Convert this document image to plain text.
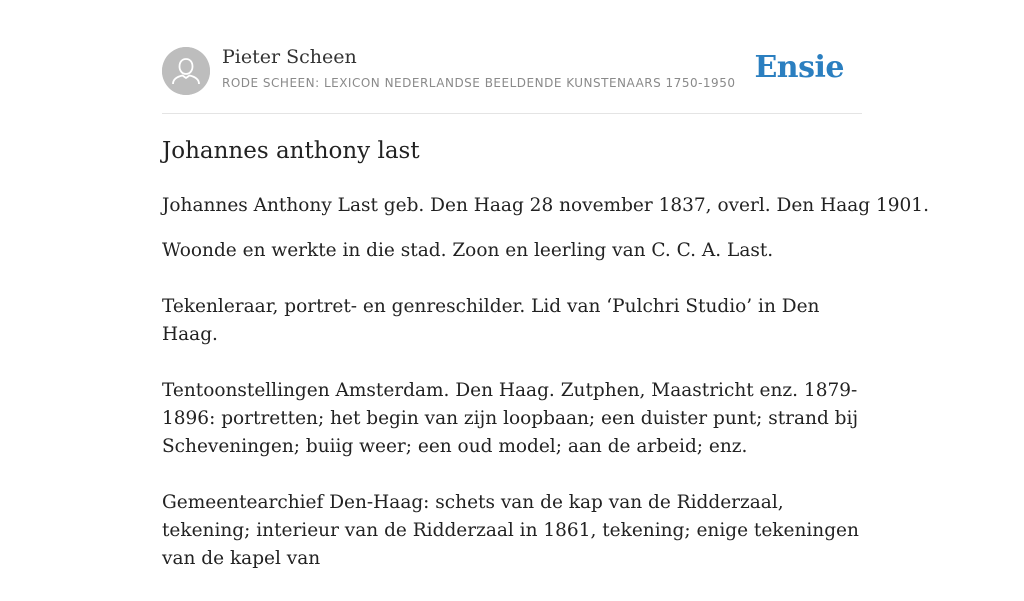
Pieter Scheen
RODE SCHEEN: LEXICON NEDERLANDSE BEELDENDE KUNSTENAARS 1750-1950 Ensie
Johannes anthony last

Johannes Anthony Last geb. Den Haag 28 november 1837, overl. Den Haag 1901.

Woonde en werkte in die stad. Zoon en leerling van C. C. A. Last.

Tekenleraar, portret- en genreschilder. Lid van ‘Pulchri Studio’ in Den Haag.

Tentoonstellingen Amsterdam. Den Haag. Zutphen, Maastricht enz. 1879-1896: portretten; het begin van zijn loopbaan; een duister punt; strand bij Scheveningen; buiig weer; een oud model; aan de arbeid; enz.

Gemeentearchief Den-Haag: schets van de kap van de Ridderzaal, tekening; interieur van de Ridderzaal in 1861, tekening; enige tekeningen van de kapel van
